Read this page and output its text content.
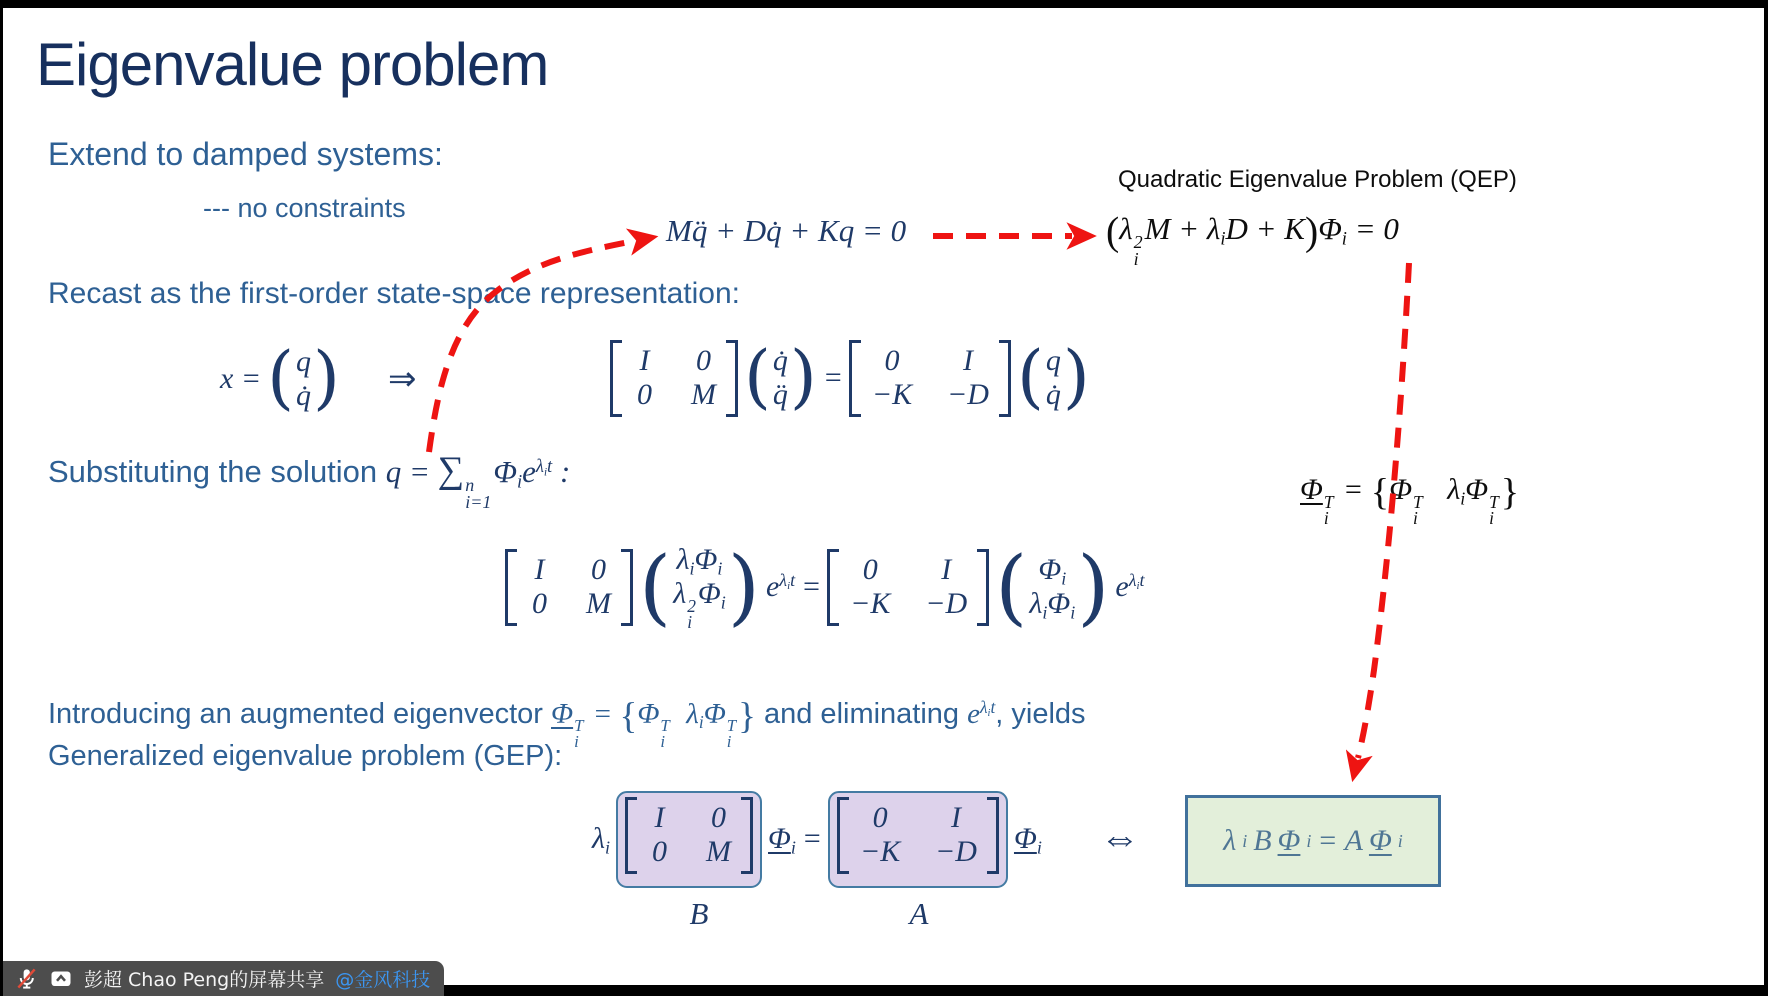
Eigenvalue problem
Extend to damped systems:
--- no constraints
Mq̈ + Dq̇ + Kq = 0
Quadratic Eigenvalue Problem (QEP)
(λ 2
i
$M + \lambda_iD + K)\Phi_i = 0$
Recast as the first-order state-space representation:
x = ( q
q̇ ) ⇒	I 0
0 M ( q̇
q̈ ) =
0 I
−K −D ( q
q̇ )
Substituting the solution q = ∑ n
i=1
$\Phi_ie^{\lambda_it}$ :
I 0
0 M ( $\lambda_i\Phi_i$
λ 2
i
$\Phi_i$ ) $e^{\lambda_it}$ =
0 I
−K −D ( $\Phi_i$
$\lambda_i\Phi_i$ ) $e^{\lambda_it}$
Φ T
i
= {Φ T
i
$\lambda_i\Phi$ T
i
}
Introducing an augmented eigenvector Φ T
i
= {Φ T
i
$\lambda_i\Phi$ T
i
} and eliminating $e^{\lambda_it}$, yields
Generalized eigenvalue problem (GEP):
$\lambda_i$
I 0
0 M $\Phi_i$ =
0 I
−K −D $\Phi_i$
B	A
⇔	λ i B Φ i = A Φ i
彭超 Chao Peng的屏幕共享 @金风科技
